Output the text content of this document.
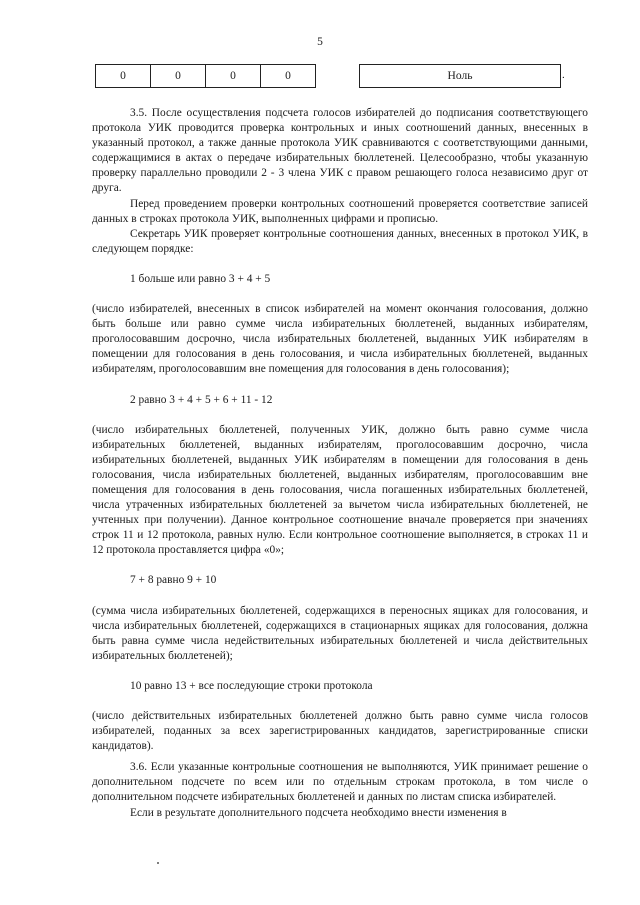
5
0	0	0	0	Ноль	.

3.5. После осуществления подсчета голосов избирателей до подписания соответствующего протокола УИК проводится проверка контрольных и иных соотношений данных, внесенных в указанный протокол, а также данные протокола УИК сравниваются с соответствующими данными, содержащимися в актах о передаче избирательных бюллетеней. Целесообразно, чтобы указанную проверку параллельно проводили 2 - 3 члена УИК с правом решающего голоса независимо друг от друга.

Перед проведением проверки контрольных соотношений проверяется соответствие записей данных в строках протокола УИК, выполненных цифрами и прописью.

Секретарь УИК проверяет контрольные соотношения данных, внесенных в протокол УИК, в следующем порядке:

1 больше или равно 3 + 4 + 5

(число избирателей, внесенных в список избирателей на момент окончания голосования, должно быть больше или равно сумме числа избирательных бюллетеней, выданных избирателям, проголосовавшим досрочно, числа избирательных бюллетеней, выданных УИК избирателям в помещении для голосования в день голосования, и числа избирательных бюллетеней, выданных избирателям, проголосовавшим вне помещения для голосования в день голосования);

2 равно 3 + 4 + 5 + 6 + 11 - 12

(число избирательных бюллетеней, полученных УИК, должно быть равно сумме числа избирательных бюллетеней, выданных избирателям, проголосовавшим досрочно, числа избирательных бюллетеней, выданных УИК избирателям в помещении для голосования в день голосования, числа избирательных бюллетеней, выданных избирателям, проголосовавшим вне помещения для голосования в день голосования, числа погашенных избирательных бюллетеней, числа утраченных избирательных бюллетеней за вычетом числа избирательных бюллетеней, не учтенных при получении). Данное контрольное соотношение вначале проверяется при значениях строк 11 и 12 протокола, равных нулю. Если контрольное соотношение выполняется, в строках 11 и 12 протокола проставляется цифра «0»;

7 + 8 равно 9 + 10

(сумма числа избирательных бюллетеней, содержащихся в переносных ящиках для голосования, и числа избирательных бюллетеней, содержащихся в стационарных ящиках для голосования, должна быть равна сумме числа недействительных избирательных бюллетеней и числа действительных избирательных бюллетеней);

10 равно 13 + все последующие строки протокола

(число действительных избирательных бюллетеней должно быть равно сумме числа голосов избирателей, поданных за всех зарегистрированных кандидатов, зарегистрированные списки кандидатов).

3.6. Если указанные контрольные соотношения не выполняются, УИК принимает решение о дополнительном подсчете по всем или по отдельным строкам протокола, в том числе о дополнительном подсчете избирательных бюллетеней и данных по листам списка избирателей.

Если в результате дополнительного подсчета необходимо внести изменения в
